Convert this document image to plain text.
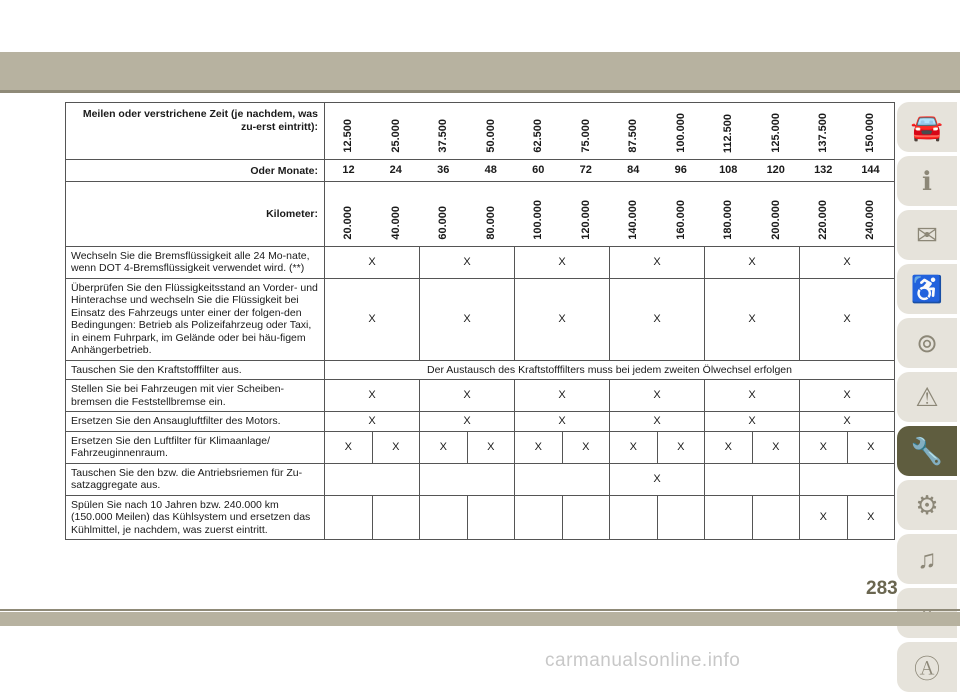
Meilen oder verstrichene Zeit (je nachdem, was zu-erst eintritt):	12.500	25.000	37.500	50.000	62.500	75.000	87.500	100.000	112.500	125.000	137.500	150.000

Oder Monate:	12	24	36	48	60	72	84	96	108	120	132	144
Kilometer:	20.000	40.000	60.000	80.000	100.000	120.000	140.000	160.000	180.000	200.000	220.000	240.000

Wechseln Sie die Bremsflüssigkeit alle 24 Mo-nate, wenn DOT 4-Bremsflüssigkeit verwendet wird. (**)	X		X		X		X		X		X	
Überprüfen Sie den Flüssigkeitsstand an Vorder- und Hinterachse und wechseln Sie die Flüssigkeit bei Einsatz des Fahrzeugs unter einer der folgen-den Bedingungen: Betrieb als Polizeifahrzeug oder Taxi, in einem Fuhrpark, im Gelände oder bei häu-figem Anhängerbetrieb.	X		X		X		X		X		X	
Tauschen Sie den Kraftstofffilter aus.	Der Austausch des Kraftstofffilters muss bei jedem zweiten Ölwechsel erfolgen											
Stellen Sie bei Fahrzeugen mit vier Scheiben-bremsen die Feststellbremse ein.	X		X		X		X		X		X	
Ersetzen Sie den Ansaugluftfilter des Motors.	X		X		X		X		X		X	
Ersetzen Sie den Luftfilter für Klimaanlage/ Fahrzeuginnenraum.	X	X	X	X	X	X	X	X	X	X	X	X
Tauschen Sie den bzw. die Antriebsriemen für Zu-satzaggregate aus.							X					
Spülen Sie nach 10 Jahren bzw. 240.000 km (150.000 Meilen) das Kühlsystem und ersetzen das Kühlmittel, je nachdem, was zuerst eintritt.											X	X
🚘
ℹ
✉
♿
⊚
⚠
🔧
⚙
♫
Ⓐ
283
carmanualsonline.info
